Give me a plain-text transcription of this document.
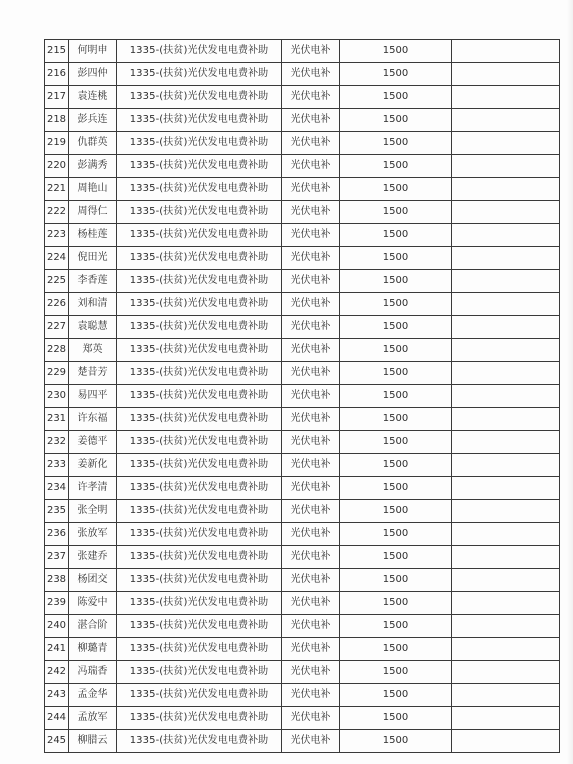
215	何明申	1335-(扶贫)光伏发电电费补助	光伏电补	1500	
216	彭四仲	1335-(扶贫)光伏发电电费补助	光伏电补	1500	
217	袁连桃	1335-(扶贫)光伏发电电费补助	光伏电补	1500	
218	彭兵连	1335-(扶贫)光伏发电电费补助	光伏电补	1500	
219	仇群英	1335-(扶贫)光伏发电电费补助	光伏电补	1500	
220	彭满秀	1335-(扶贫)光伏发电电费补助	光伏电补	1500	
221	周艳山	1335-(扶贫)光伏发电电费补助	光伏电补	1500	
222	周得仁	1335-(扶贫)光伏发电电费补助	光伏电补	1500	
223	杨桂莲	1335-(扶贫)光伏发电电费补助	光伏电补	1500	
224	倪田光	1335-(扶贫)光伏发电电费补助	光伏电补	1500	
225	李香莲	1335-(扶贫)光伏发电电费补助	光伏电补	1500	
226	刘和清	1335-(扶贫)光伏发电电费补助	光伏电补	1500	
227	袁聪慧	1335-(扶贫)光伏发电电费补助	光伏电补	1500	
228	郑英	1335-(扶贫)光伏发电电费补助	光伏电补	1500	
229	楚昔芳	1335-(扶贫)光伏发电电费补助	光伏电补	1500	
230	易四平	1335-(扶贫)光伏发电电费补助	光伏电补	1500	
231	许东福	1335-(扶贫)光伏发电电费补助	光伏电补	1500	
232	姜德平	1335-(扶贫)光伏发电电费补助	光伏电补	1500	
233	姜新化	1335-(扶贫)光伏发电电费补助	光伏电补	1500	
234	许孝清	1335-(扶贫)光伏发电电费补助	光伏电补	1500	
235	张全明	1335-(扶贫)光伏发电电费补助	光伏电补	1500	
236	张放军	1335-(扶贫)光伏发电电费补助	光伏电补	1500	
237	张建乔	1335-(扶贫)光伏发电电费补助	光伏电补	1500	
238	杨团交	1335-(扶贫)光伏发电电费补助	光伏电补	1500	
239	陈爱中	1335-(扶贫)光伏发电电费补助	光伏电补	1500	
240	湛合阶	1335-(扶贫)光伏发电电费补助	光伏电补	1500	
241	柳璐青	1335-(扶贫)光伏发电电费补助	光伏电补	1500	
242	冯瑞香	1335-(扶贫)光伏发电电费补助	光伏电补	1500	
243	孟金华	1335-(扶贫)光伏发电电费补助	光伏电补	1500	
244	孟放军	1335-(扶贫)光伏发电电费补助	光伏电补	1500	
245	柳腊云	1335-(扶贫)光伏发电电费补助	光伏电补	1500	
